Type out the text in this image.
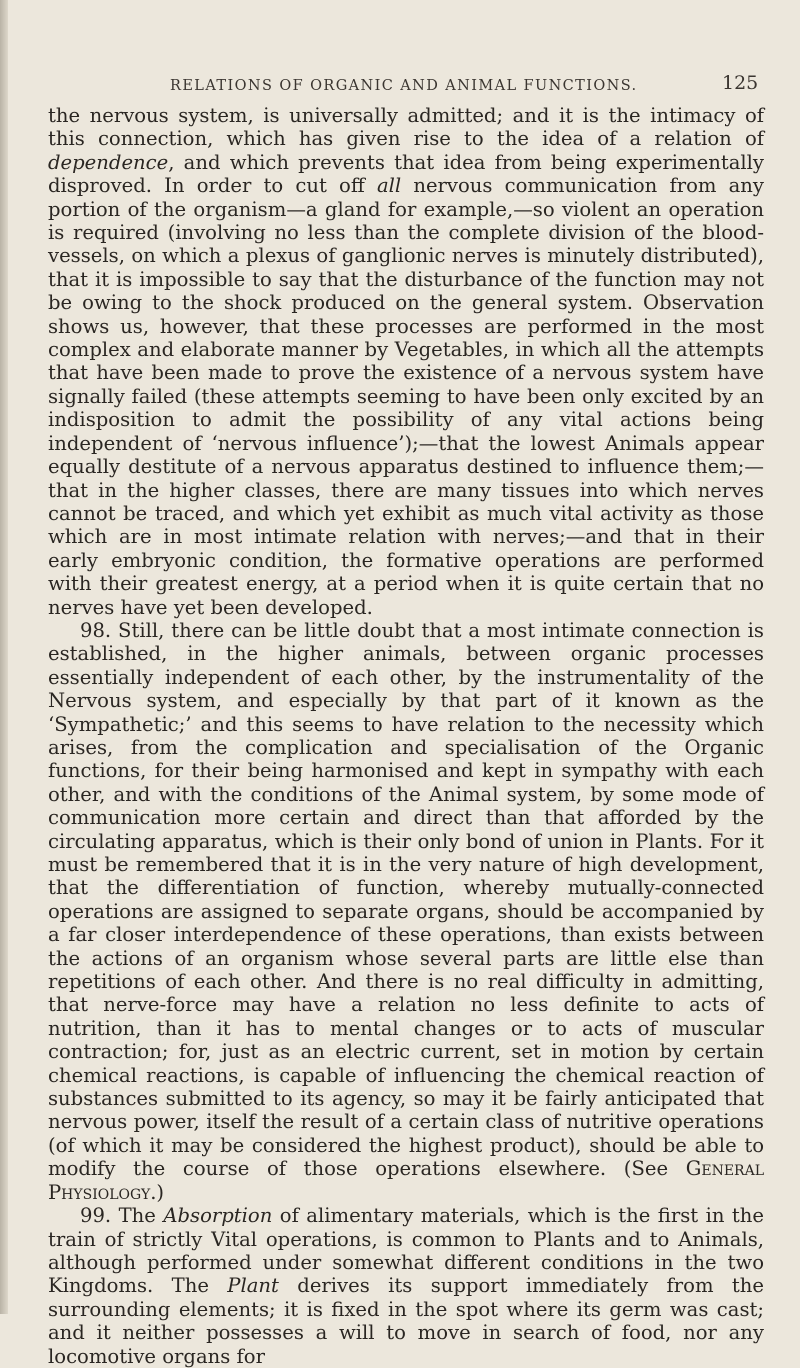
RELATIONS OF ORGANIC AND ANIMAL FUNCTIONS.	125

the nervous system, is universally admitted; and it is the intimacy of this connection, which has given rise to the idea of a relation of dependence, and which prevents that idea from being experimentally disproved. In order to cut off all nervous communication from any portion of the organism—a gland for example,—so violent an operation is required (involving no less than the complete division of the blood-vessels, on which a plexus of ganglionic nerves is minutely distributed), that it is impossible to say that the disturbance of the function may not be owing to the shock produced on the general system. Observation shows us, however, that these processes are performed in the most complex and elaborate manner by Vegetables, in which all the attempts that have been made to prove the existence of a nervous system have signally failed (these attempts seeming to have been only excited by an indisposition to admit the possibility of any vital actions being independent of ‘nervous influence’);—that the lowest Animals appear equally destitute of a nervous apparatus destined to influence them;—that in the higher classes, there are many tissues into which nerves cannot be traced, and which yet exhibit as much vital activity as those which are in most intimate relation with nerves;—and that in their early embryonic condition, the formative operations are performed with their greatest energy, at a period when it is quite certain that no nerves have yet been developed.

98. Still, there can be little doubt that a most intimate connection is established, in the higher animals, between organic processes essentially independent of each other, by the instrumentality of the Nervous system, and especially by that part of it known as the ‘Sympathetic;’ and this seems to have relation to the necessity which arises, from the complication and specialisation of the Organic functions, for their being harmonised and kept in sympathy with each other, and with the conditions of the Animal system, by some mode of communication more certain and direct than that afforded by the circulating apparatus, which is their only bond of union in Plants. For it must be remembered that it is in the very nature of high development, that the differentiation of function, whereby mutually-connected operations are assigned to separate organs, should be accompanied by a far closer interdependence of these operations, than exists between the actions of an organism whose several parts are little else than repetitions of each other. And there is no real difficulty in admitting, that nerve-force may have a relation no less definite to acts of nutrition, than it has to mental changes or to acts of muscular contraction; for, just as an electric current, set in motion by certain chemical reactions, is capable of influencing the chemical reaction of substances submitted to its agency, so may it be fairly anticipated that nervous power, itself the result of a certain class of nutritive operations (of which it may be considered the highest product), should be able to modify the course of those operations elsewhere. (See General Physiology.)

99. The Absorption of alimentary materials, which is the first in the train of strictly Vital operations, is common to Plants and to Animals, although performed under somewhat different conditions in the two Kingdoms. The Plant derives its support immediately from the surrounding elements; it is fixed in the spot where its germ was cast; and it neither possesses a will to move in search of food, nor any locomotive organs for
